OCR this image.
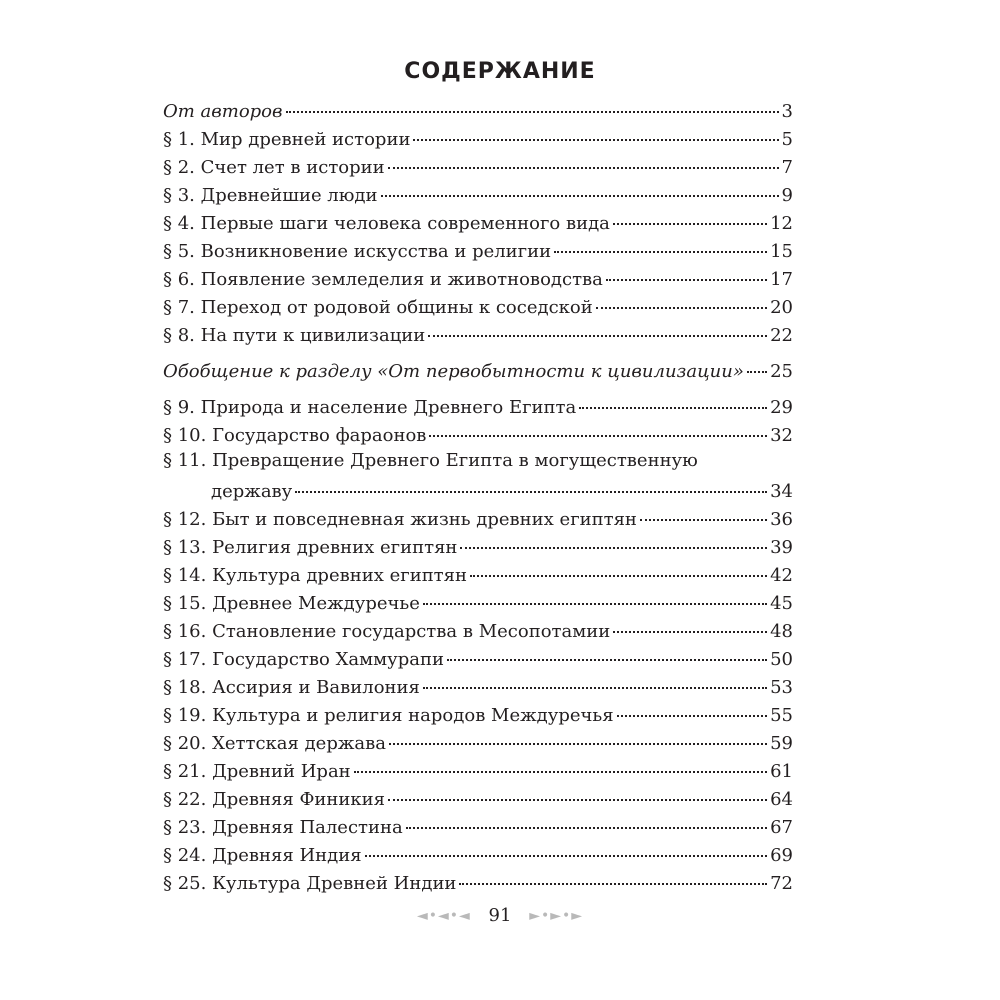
СОДЕРЖАНИЕ
От авторов	3
§ 1. Мир древней истории	5
§ 2. Счет лет в истории	7
§ 3. Древнейшие люди	9
§ 4. Первые шаги человека современного вида	12
§ 5. Возникновение искусства и религии	15
§ 6. Появление земледелия и животноводства	17
§ 7. Переход от родовой общины к соседской	20
§ 8. На пути к цивилизации	22
Обобщение к разделу «От первобытности к цивилизации» 25
§ 9. Природа и население Древнего Египта	29
§ 10. Государство фараонов	32
§ 11. Превращение Древнего Египта в могущественную
державу	34
§ 12. Быт и повседневная жизнь древних египтян	36
§ 13. Религия древних египтян	39
§ 14. Культура древних египтян	42
§ 15. Древнее Междуречье	45
§ 16. Становление государства в Месопотамии	48
§ 17. Государство Хаммурапи	50
§ 18. Ассирия и Вавилония	53
§ 19. Культура и религия народов Междуречья	55
§ 20. Хеттская держава	59
§ 21. Древний Иран	61
§ 22. Древняя Финикия	64
§ 23. Древняя Палестина	67
§ 24. Древняя Индия	69
§ 25. Культура Древней Индии	72
◄•◄•◄ 91 ►•►•►
